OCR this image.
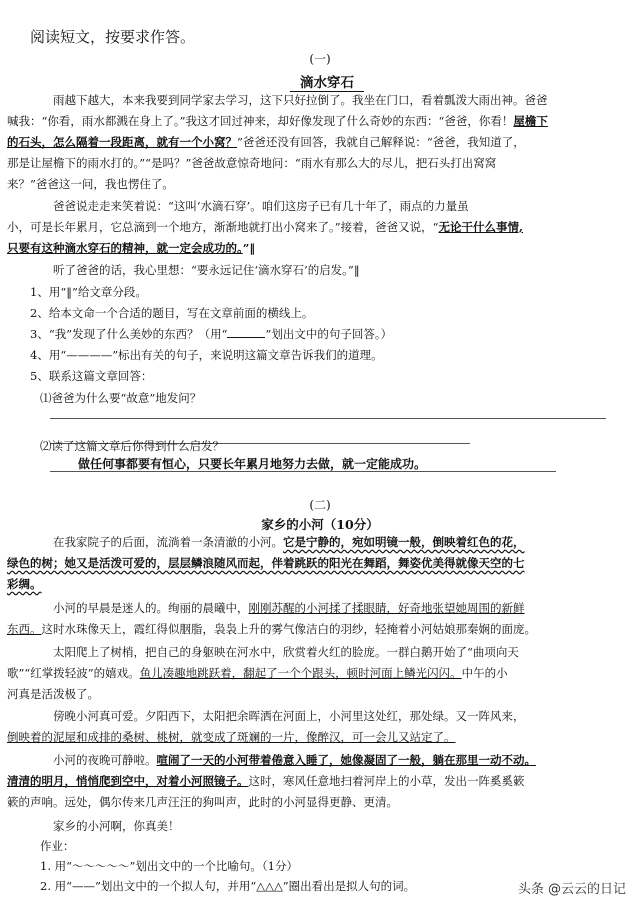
阅读短文，按要求作答。
(一)
滴水穿石
雨越下越大，本来我要到同学家去学习，这下只好拉倒了。我坐在门口，看着瓢泼大雨出神。爸爸
喊我：“你看，雨水都溅在身上了。”我这才回过神来，却好像发现了什么奇妙的东西：“爸爸，你看！屋檐下
的石头，怎么隔着一段距离，就有一个小窝？”爸爸还没有回答，我就自己解释说：“爸爸，我知道了，
那是让屋檐下的雨水打的。”“是吗？”爸爸故意惊奇地问：“雨水有那么大的尽儿，把石头打出窝窝
来？”爸爸这一问，我也愣住了。
爸爸说走走来笑着说：“这叫‘水滴石穿’。咱们这房子已有几十年了，雨点的力量虽
小，可是长年累月，它总滴到一个地方，渐渐地就打出小窝来了。”接着，爸爸又说，“无论干什么事情,
只要有这种滴水穿石的精神，就一定会成功的。”‖
听了爸爸的话，我心里想：“要永远记住‘滴水穿石’的启发。”‖
1、用“‖”给文章分段。
2、给本文命一个合适的题目，写在文章前面的横线上。
3、“我”发现了什么美妙的东西？（用“	”划出文中的句子回答。）
4、用“————”标出有关的句子，来说明这篇文章告诉我们的道理。
5、联系这篇文章回答：
⑴爸爸为什么要“故意”地发问？
⑵读了这篇文章后你得到什么启发？
做任何事都要有恒心，只要长年累月地努力去做，就一定能成功。
(二)
家乡的小河（10分）
在我家院子的后面，流淌着一条清澈的小河。它是宁静的，宛如明镜一般，倒映着红色的花，
绿色的树；她又是活泼可爱的，层层鳞浪随风而起，伴着跳跃的阳光在舞蹈，舞姿优美得就像天空的七
彩绸。
小河的早晨是迷人的。绚丽的晨曦中，刚刚苏醒的小河揉了揉眼睛，好奇地张望她周围的新鲜
东西。这时水珠像天上，霞红得似胭脂，袅袅上升的雾气像洁白的羽纱，轻掩着小河姑娘那秦娴的面庞。
太阳爬上了树梢，把自己的身躯映在河水中，欣赏着火红的脸庞。一群白鹅开始了“曲项向天
歌”“红掌拨轻波”的嬉戏。鱼儿凑趣地跳跃着，翻起了一个个跟头，顿时河面上鳞光闪闪。中午的小
河真是活泼极了。
傍晚小河真可爱。夕阳西下，太阳把余晖洒在河面上，小河里这处红，那处绿。又一阵风来，
倒映着的泥屋和成排的桑树、桃树，就变成了斑斓的一片，像醉汉，可一会儿又站定了。
小河的夜晚可静啦。喧闹了一天的小河带着倦意入睡了，她像凝固了一般，躺在那里一动不动。
清清的明月，悄悄爬到空中，对着小河照镜子。这时，寒风任意地扫着河岸上的小草，发出一阵奚奚簌
簌的声响。远处，偶尔传来几声汪汪的狗叫声，此时的小河显得更静、更清。
家乡的小河啊，你真美！
作业：
1. 用“～～～～～”划出文中的一个比喻句。（1分）
2. 用“——”划出文中的一个拟人句，并用“△△△”圈出看出是拟人句的词。	头条 @云云的日记
